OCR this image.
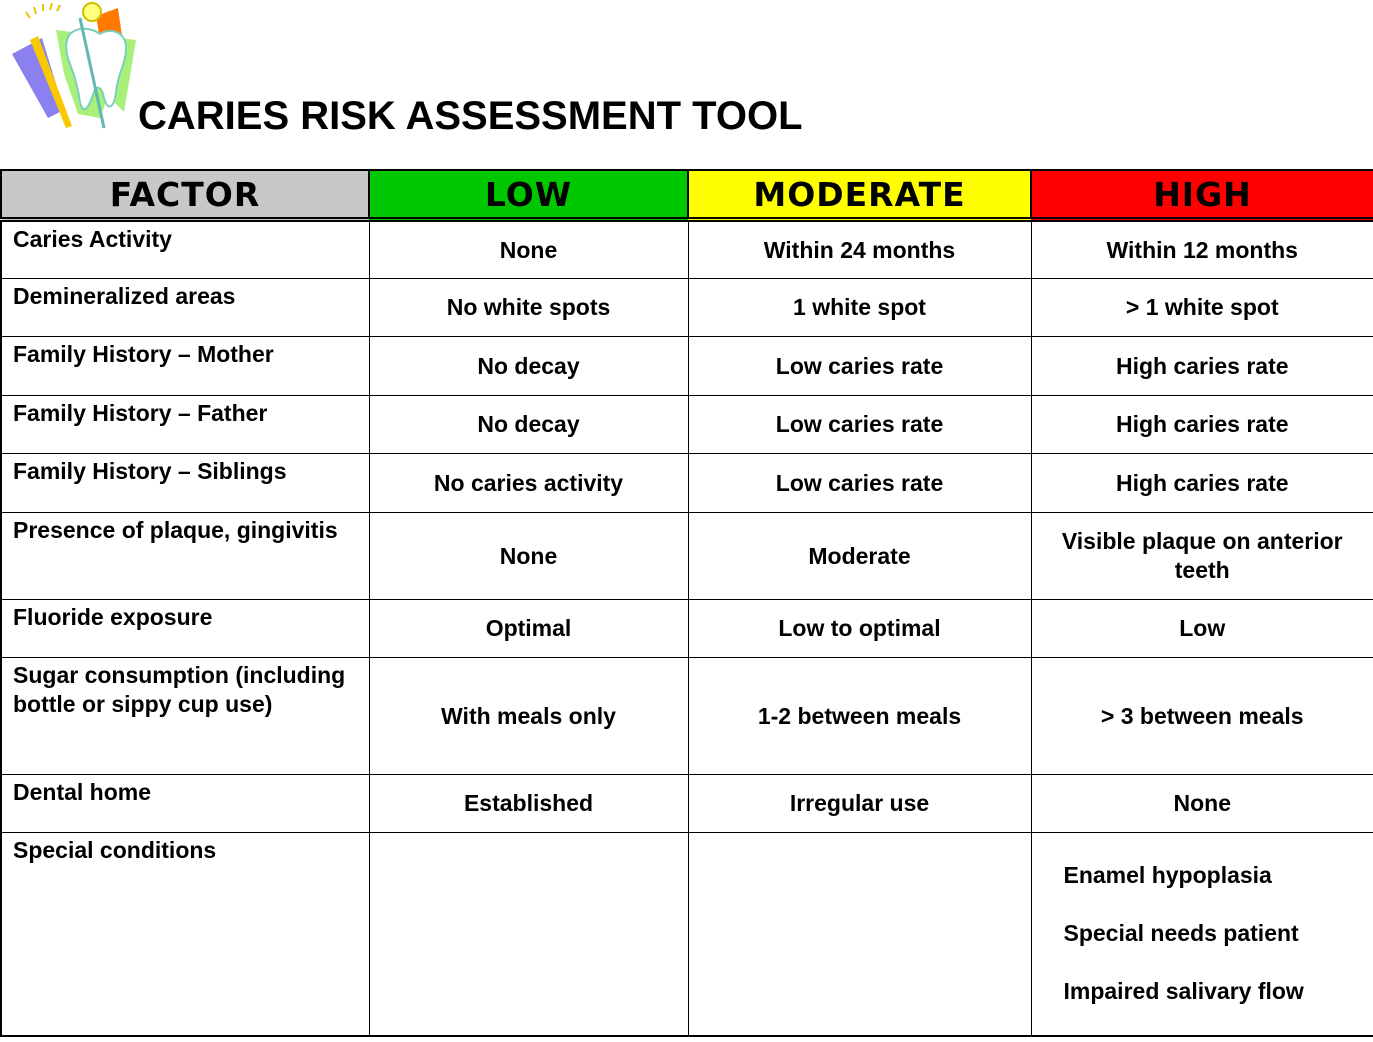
CARIES RISK ASSESSMENT TOOL
FACTOR	LOW	MODERATE	HIGH
Caries Activity	None	Within 24 months	Within 12 months
Demineralized areas	No white spots	1 white spot	> 1 white spot
Family History – Mother	No decay	Low caries rate	High caries rate
Family History – Father	No decay	Low caries rate	High caries rate
Family History – Siblings	No caries activity	Low caries rate	High caries rate
Presence of plaque, gingivitis	None	Moderate	Visible plaque on anterior teeth
Fluoride exposure	Optimal	Low to optimal	Low
Sugar consumption (including bottle or sippy cup use)	With meals only	1-2 between meals	> 3 between meals
Dental home	Established	Irregular use	None
Special conditions			Enamel hypoplasia
Special needs patient
Impaired salivary flow
